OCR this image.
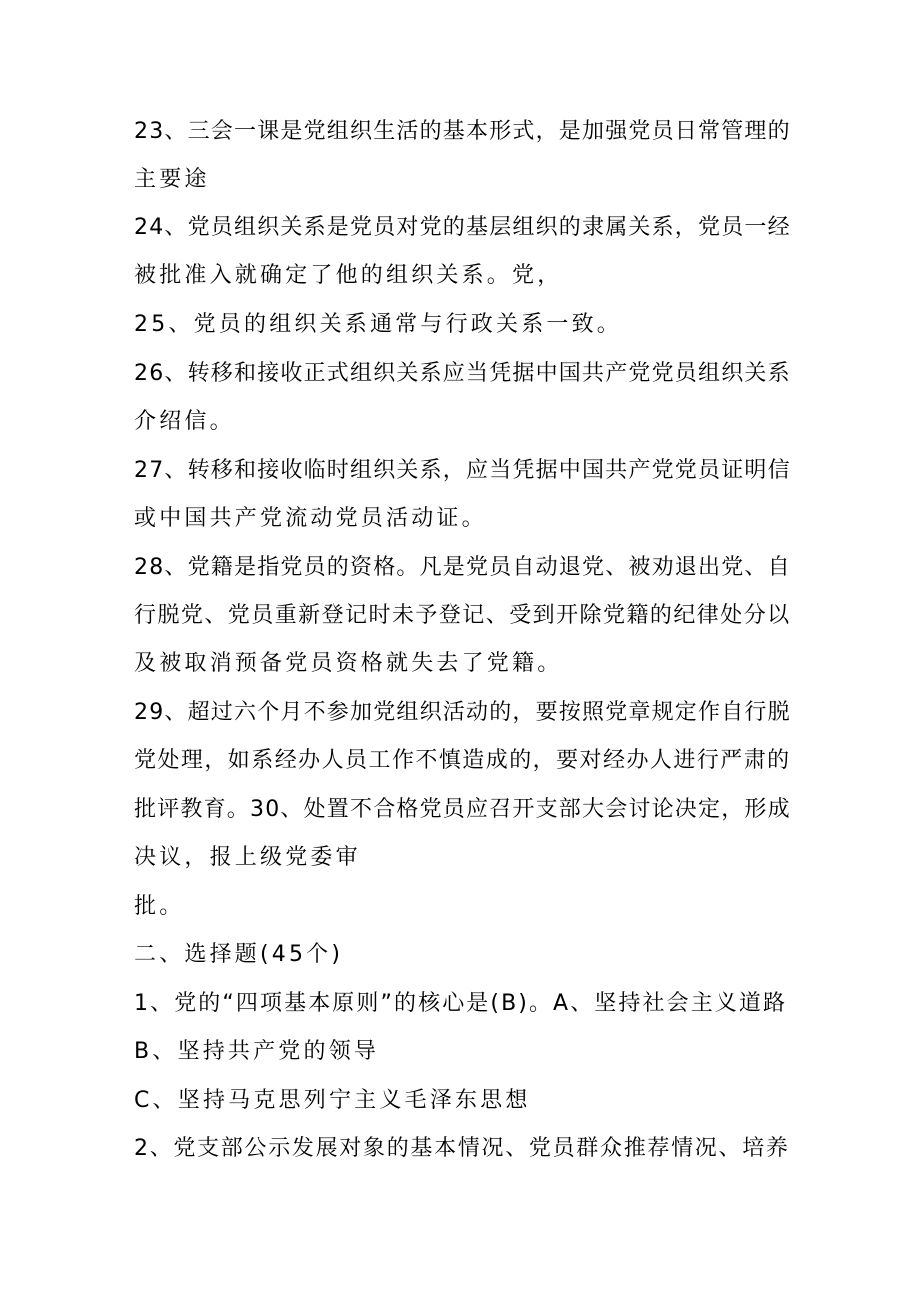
23、三会一课是党组织生活的基本形式，是加强党员日常管理的
主要途
24、党员组织关系是党员对党的基层组织的隶属关系，党员一经
被批准入就确定了他的组织关系。党，
25、党员的组织关系通常与行政关系一致。
26、转移和接收正式组织关系应当凭据中国共产党党员组织关系
介绍信。
27、转移和接收临时组织关系，应当凭据中国共产党党员证明信
或中国共产党流动党员活动证。
28、党籍是指党员的资格。凡是党员自动退党、被劝退出党、自
行脱党、党员重新登记时未予登记、受到开除党籍的纪律处分以
及被取消预备党员资格就失去了党籍。
29、超过六个月不参加党组织活动的，要按照党章规定作自行脱
党处理，如系经办人员工作不慎造成的，要对经办人进行严肃的
批评教育。30、处置不合格党员应召开支部大会讨论决定，形成
决议，报上级党委审
批。
二、选择题(45个)
1、党的“四项基本原则”的核心是(B)。A、坚持社会主义道路
B、坚持共产党的领导
C、坚持马克思列宁主义毛泽东思想
2、党支部公示发展对象的基本情况、党员群众推荐情况、培养
